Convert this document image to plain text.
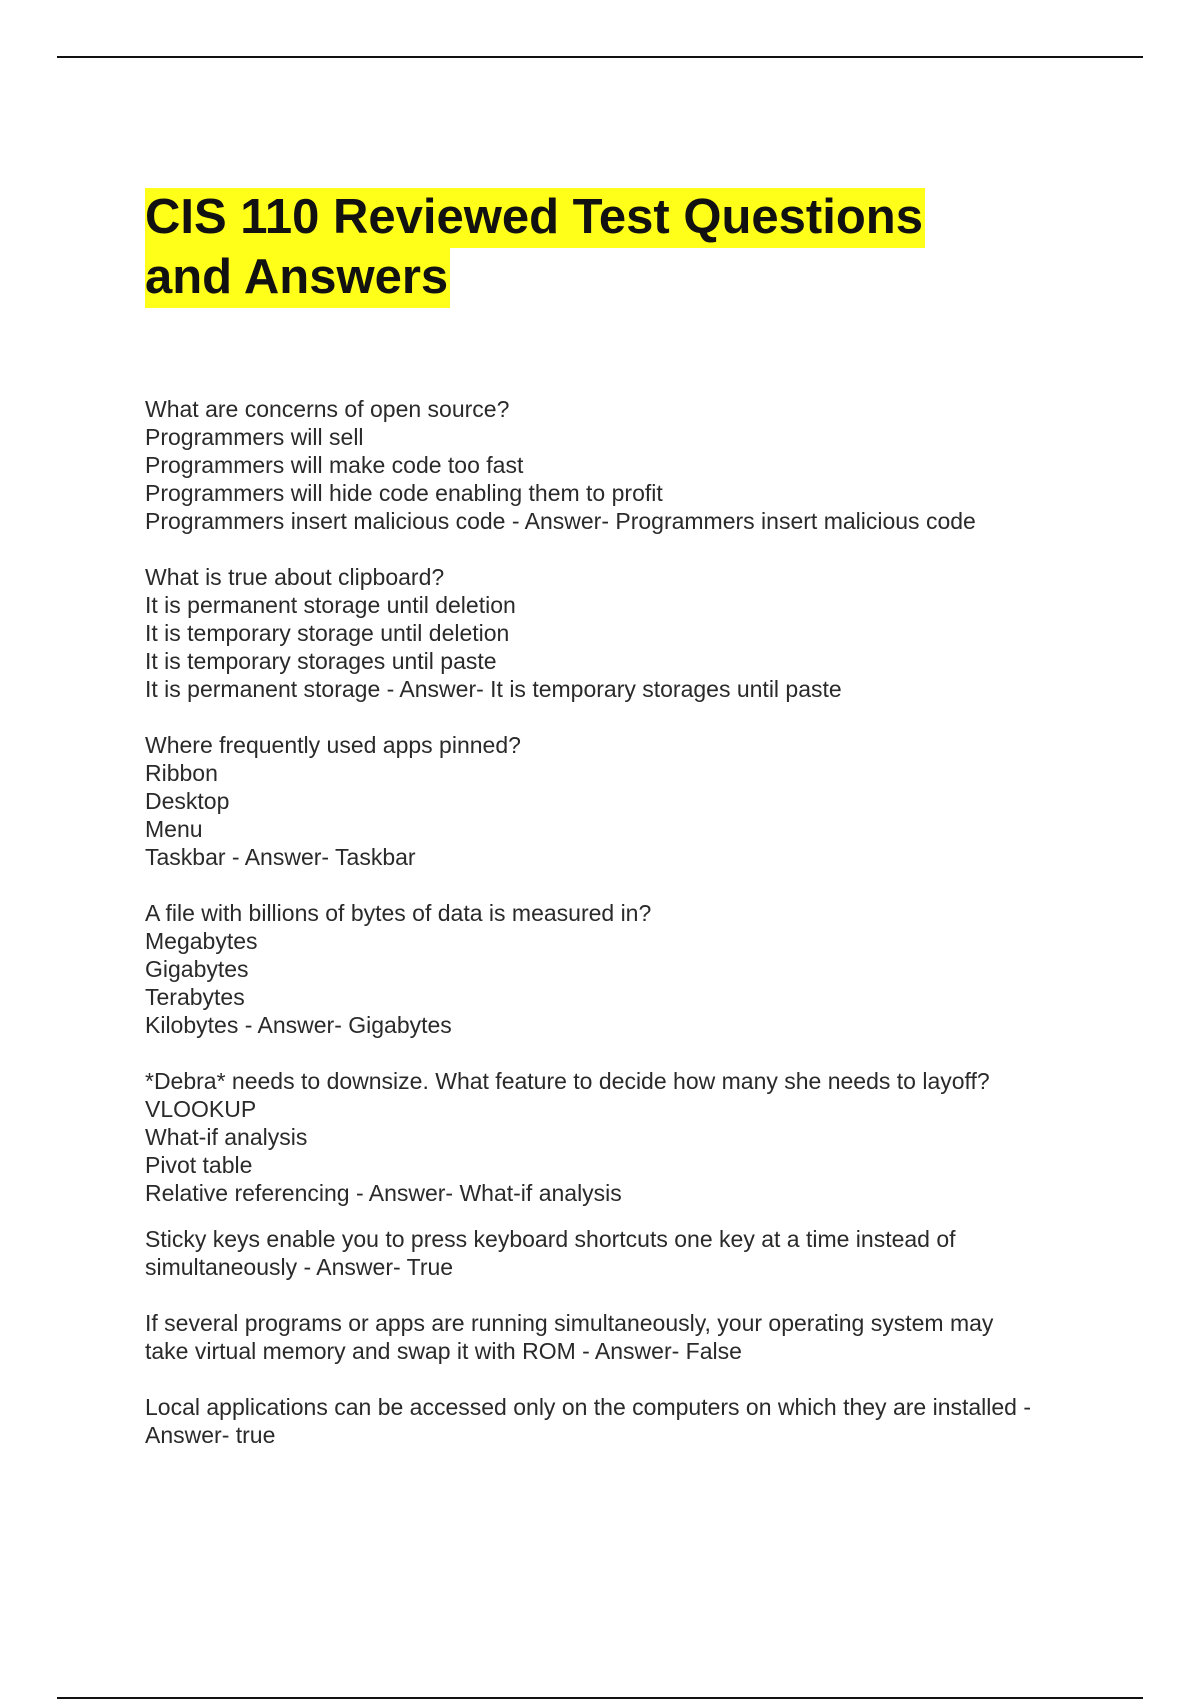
CIS 110 Reviewed Test Questions
and Answers
What are concerns of open source?
Programmers will sell
Programmers will make code too fast
Programmers will hide code enabling them to profit
Programmers insert malicious code - Answer- Programmers insert malicious code
What is true about clipboard?
It is permanent storage until deletion
It is temporary storage until deletion
It is temporary storages until paste
It is permanent storage - Answer- It is temporary storages until paste
Where frequently used apps pinned?
Ribbon
Desktop
Menu
Taskbar - Answer- Taskbar
A file with billions of bytes of data is measured in?
Megabytes
Gigabytes
Terabytes
Kilobytes - Answer- Gigabytes
*Debra* needs to downsize. What feature to decide how many she needs to layoff?
VLOOKUP
What-if analysis
Pivot table
Relative referencing - Answer- What-if analysis
Sticky keys enable you to press keyboard shortcuts one key at a time instead of
simultaneously - Answer- True
If several programs or apps are running simultaneously, your operating system may
take virtual memory and swap it with ROM - Answer- False
Local applications can be accessed only on the computers on which they are installed -
Answer- true
